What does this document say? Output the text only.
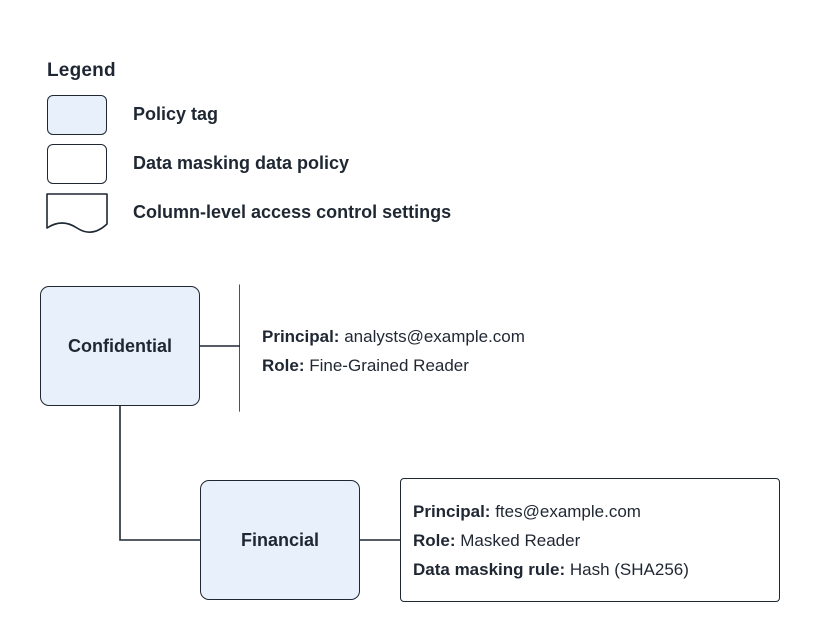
Legend
Policy tag
Data masking data policy
Column-level access control settings
Confidential
Financial
Principal: analysts@example.com
Role: Fine-Grained Reader
Principal: ftes@example.com
Role: Masked Reader
Data masking rule: Hash (SHA256)
